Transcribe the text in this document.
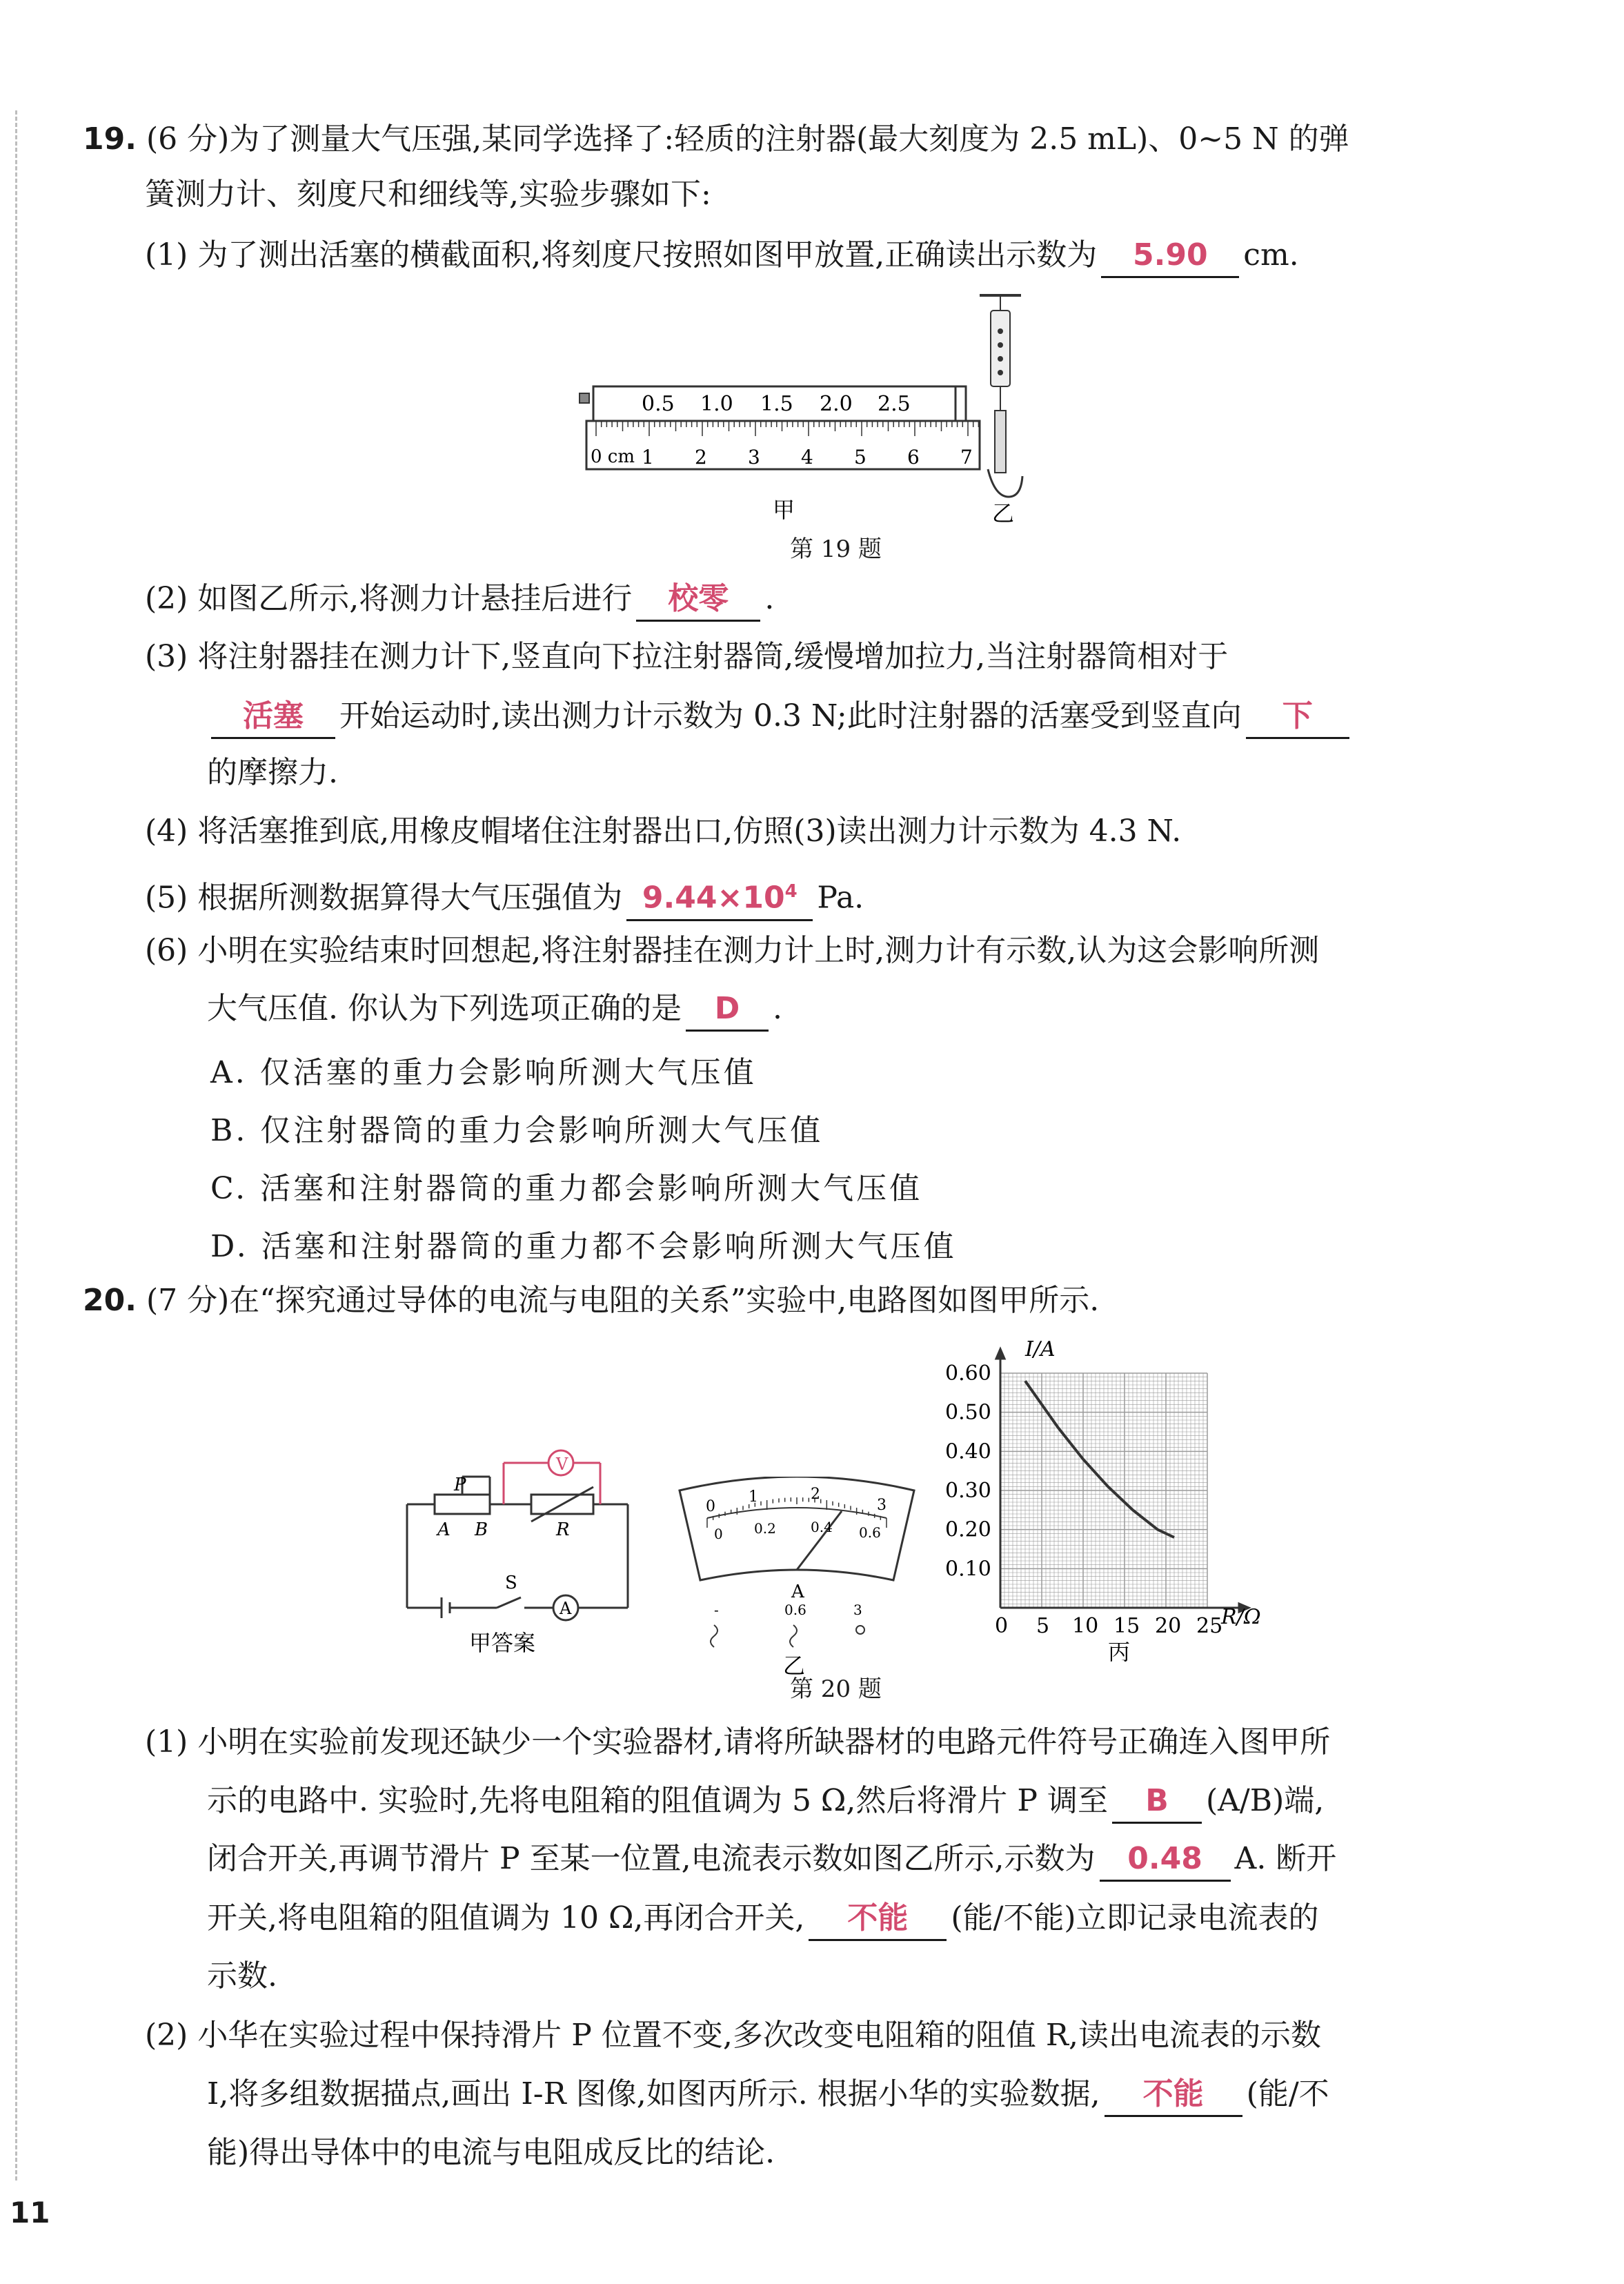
19. (6 分)为了测量大气压强,某同学选择了:轻质的注射器(最大刻度为 2.5 mL)、0~5 N 的弹
簧测力计、刻度尺和细线等,实验步骤如下:
(1) 为了测出活塞的横截面积,将刻度尺按照如图甲放置,正确读出示数为 5.90 cm.
0.5 1.0 1.5 2.0 2.5
0 cm 1 2 3 4 5 6 7
甲	乙
第 19 题
(2) 如图乙所示,将测力计悬挂后进行 校零 .
(3) 将注射器挂在测力计下,竖直向下拉注射器筒,缓慢增加拉力,当注射器筒相对于
活塞 开始运动时,读出测力计示数为 0.3 N;此时注射器的活塞受到竖直向 下
的摩擦力.
(4) 将活塞推到底,用橡皮帽堵住注射器出口,仿照(3)读出测力计示数为 4.3 N.
(5) 根据所测数据算得大气压强值为 $9.44\times 10^4$ Pa.
(6) 小明在实验结束时回想起,将注射器挂在测力计上时,测力计有示数,认为这会影响所测
大气压值. 你认为下列选项正确的是 D .
A. 仅活塞的重力会影响所测大气压值
B. 仅注射器筒的重力会影响所测大气压值
C. 活塞和注射器筒的重力都会影响所测大气压值
D. 活塞和注射器筒的重力都不会影响所测大气压值
20. (7 分)在“探究通过导体的电流与电阻的关系”实验中,电路图如图甲所示.
V
P
A B	R
S
A
甲答案
0
1	2
3
0 0.2	0.4 0.6
A
-	0.6	3
乙
0 5 10 15 20 25
0.10
0.20
0.30
0.40
0.50
0.60
I/A
R/Ω
丙
第 20 题
(1) 小明在实验前发现还缺少一个实验器材,请将所缺器材的电路元件符号正确连入图甲所
示的电路中. 实验时,先将电阻箱的阻值调为 5 Ω,然后将滑片 P 调至 B (A/B)端,
闭合开关,再调节滑片 P 至某一位置,电流表示数如图乙所示,示数为 0.48 A. 断开
开关,将电阻箱的阻值调为 10 Ω,再闭合开关, 不能 (能/不能)立即记录电流表的
示数.
(2) 小华在实验过程中保持滑片 P 位置不变,多次改变电阻箱的阻值 R,读出电流表的示数
I,将多组数据描点,画出 I-R 图像,如图丙所示. 根据小华的实验数据, 不能 (能/不
能)得出导体中的电流与电阻成反比的结论.
11
